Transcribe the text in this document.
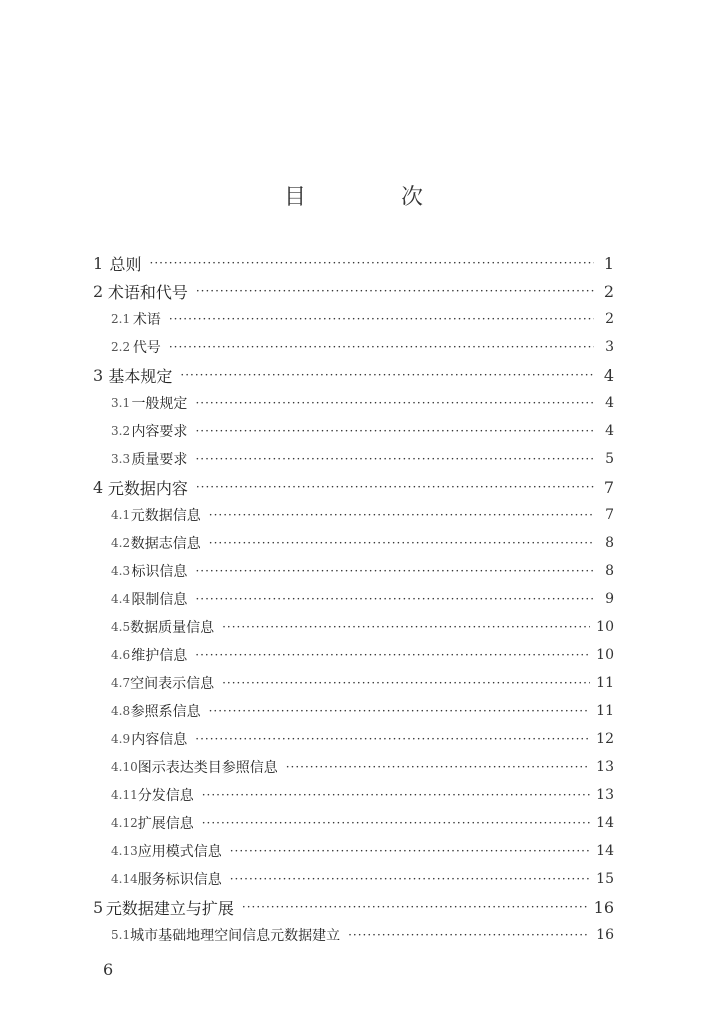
目 次
1 总则 ·····	1
2 术语和代号 ·····	2
2.1 术语 ·····	2
2.2 代号 ·····	3
3 基本规定 ·····	4
3.1 一般规定 ·····	4
3.2 内容要求 ·····	4
3.3 质量要求 ·····	5
4 元数据内容 ·····	7
4.1 元数据信息 ·····	7
4.2 数据志信息 ·····	8
4.3 标识信息 ·····	8
4.4 限制信息 ·····	9
4.5 数据质量信息 ·····	10
4.6 维护信息 ·····	10
4.7 空间表示信息 ·····	11
4.8 参照系信息 ·····	11
4.9 内容信息 ·····	12
4.10 图示表达类目参照信息 ·····	13
4.11 分发信息 ·····	13
4.12 扩展信息 ·····	14
4.13 应用模式信息 ·····	14
4.14 服务标识信息 ·····	15
5 元数据建立与扩展 ·····	16
5.1 城市基础地理空间信息元数据建立 ·····	16
6
